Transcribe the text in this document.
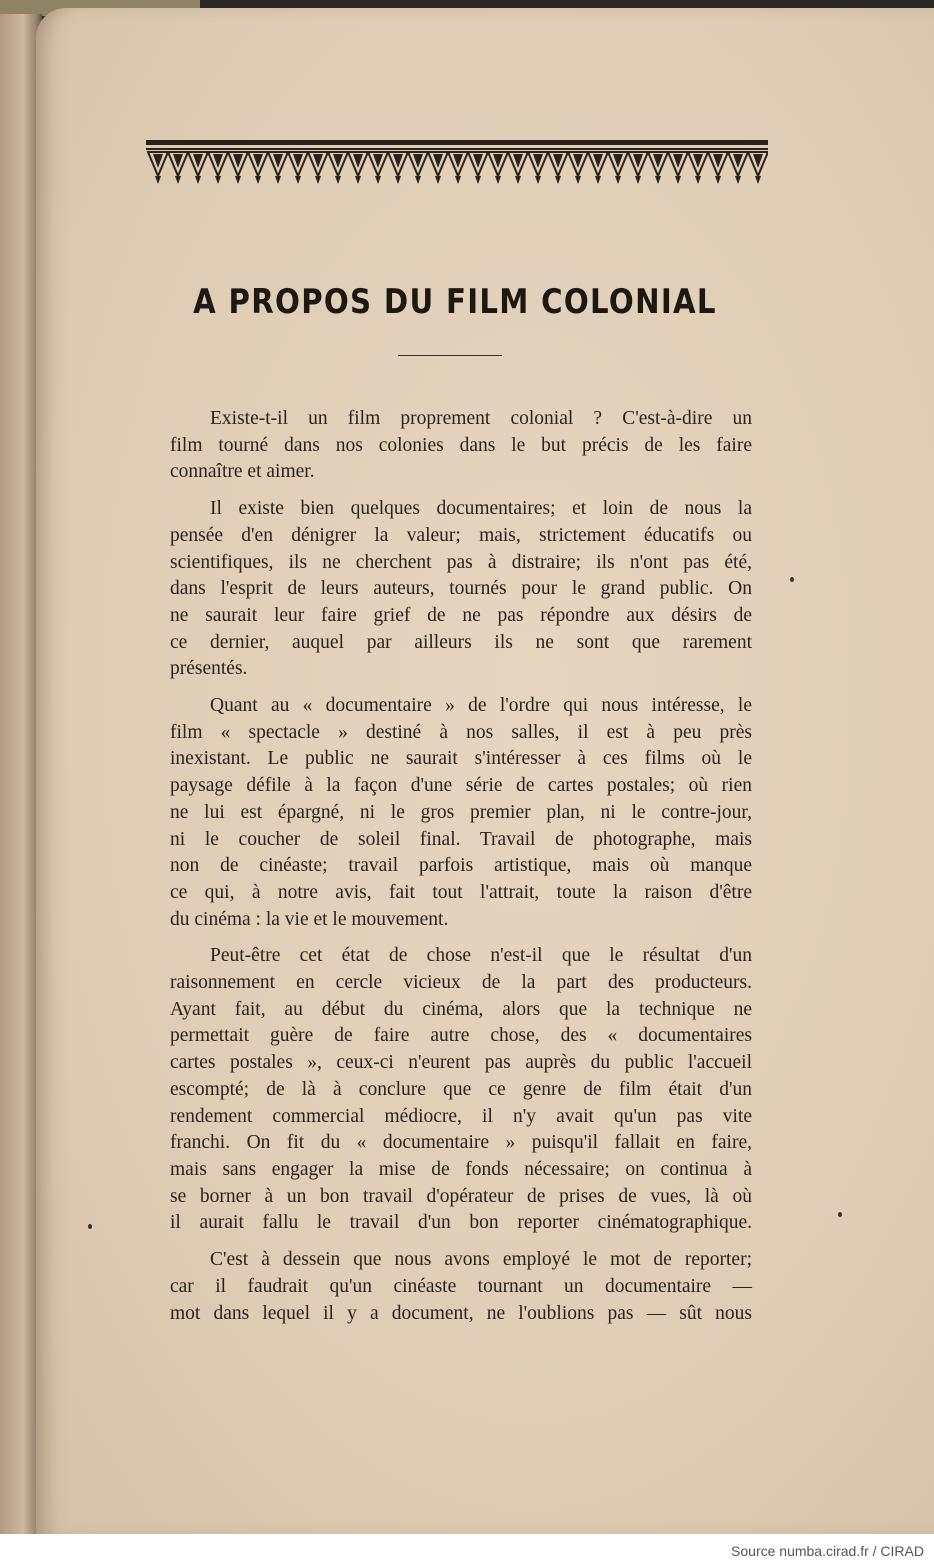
A PROPOS DU FILM COLONIAL
Existe-t-il un film proprement colonial ? C'est-à-dire un
film tourné dans nos colonies dans le but précis de les faire
connaître et aimer.
Il existe bien quelques documentaires; et loin de nous la
pensée d'en dénigrer la valeur; mais, strictement éducatifs ou
scientifiques, ils ne cherchent pas à distraire; ils n'ont pas été,
dans l'esprit de leurs auteurs, tournés pour le grand public. On
ne saurait leur faire grief de ne pas répondre aux désirs de
ce dernier, auquel par ailleurs ils ne sont que rarement
présentés.
Quant au « documentaire » de l'ordre qui nous intéresse, le
film « spectacle » destiné à nos salles, il est à peu près
inexistant. Le public ne saurait s'intéresser à ces films où le
paysage défile à la façon d'une série de cartes postales; où rien
ne lui est épargné, ni le gros premier plan, ni le contre-jour,
ni le coucher de soleil final. Travail de photographe, mais
non de cinéaste; travail parfois artistique, mais où manque
ce qui, à notre avis, fait tout l'attrait, toute la raison d'être
du cinéma : la vie et le mouvement.
Peut-être cet état de chose n'est-il que le résultat d'un
raisonnement en cercle vicieux de la part des producteurs.
Ayant fait, au début du cinéma, alors que la technique ne
permettait guère de faire autre chose, des « documentaires
cartes postales », ceux-ci n'eurent pas auprès du public l'accueil
escompté; de là à conclure que ce genre de film était d'un
rendement commercial médiocre, il n'y avait qu'un pas vite
franchi. On fit du « documentaire » puisqu'il fallait en faire,
mais sans engager la mise de fonds nécessaire; on continua à
se borner à un bon travail d'opérateur de prises de vues, là où
il aurait fallu le travail d'un bon reporter cinématographique.
C'est à dessein que nous avons employé le mot de reporter;
car il faudrait qu'un cinéaste tournant un documentaire —
mot dans lequel il y a document, ne l'oublions pas — sût nous
Source numba.cirad.fr / CIRAD
